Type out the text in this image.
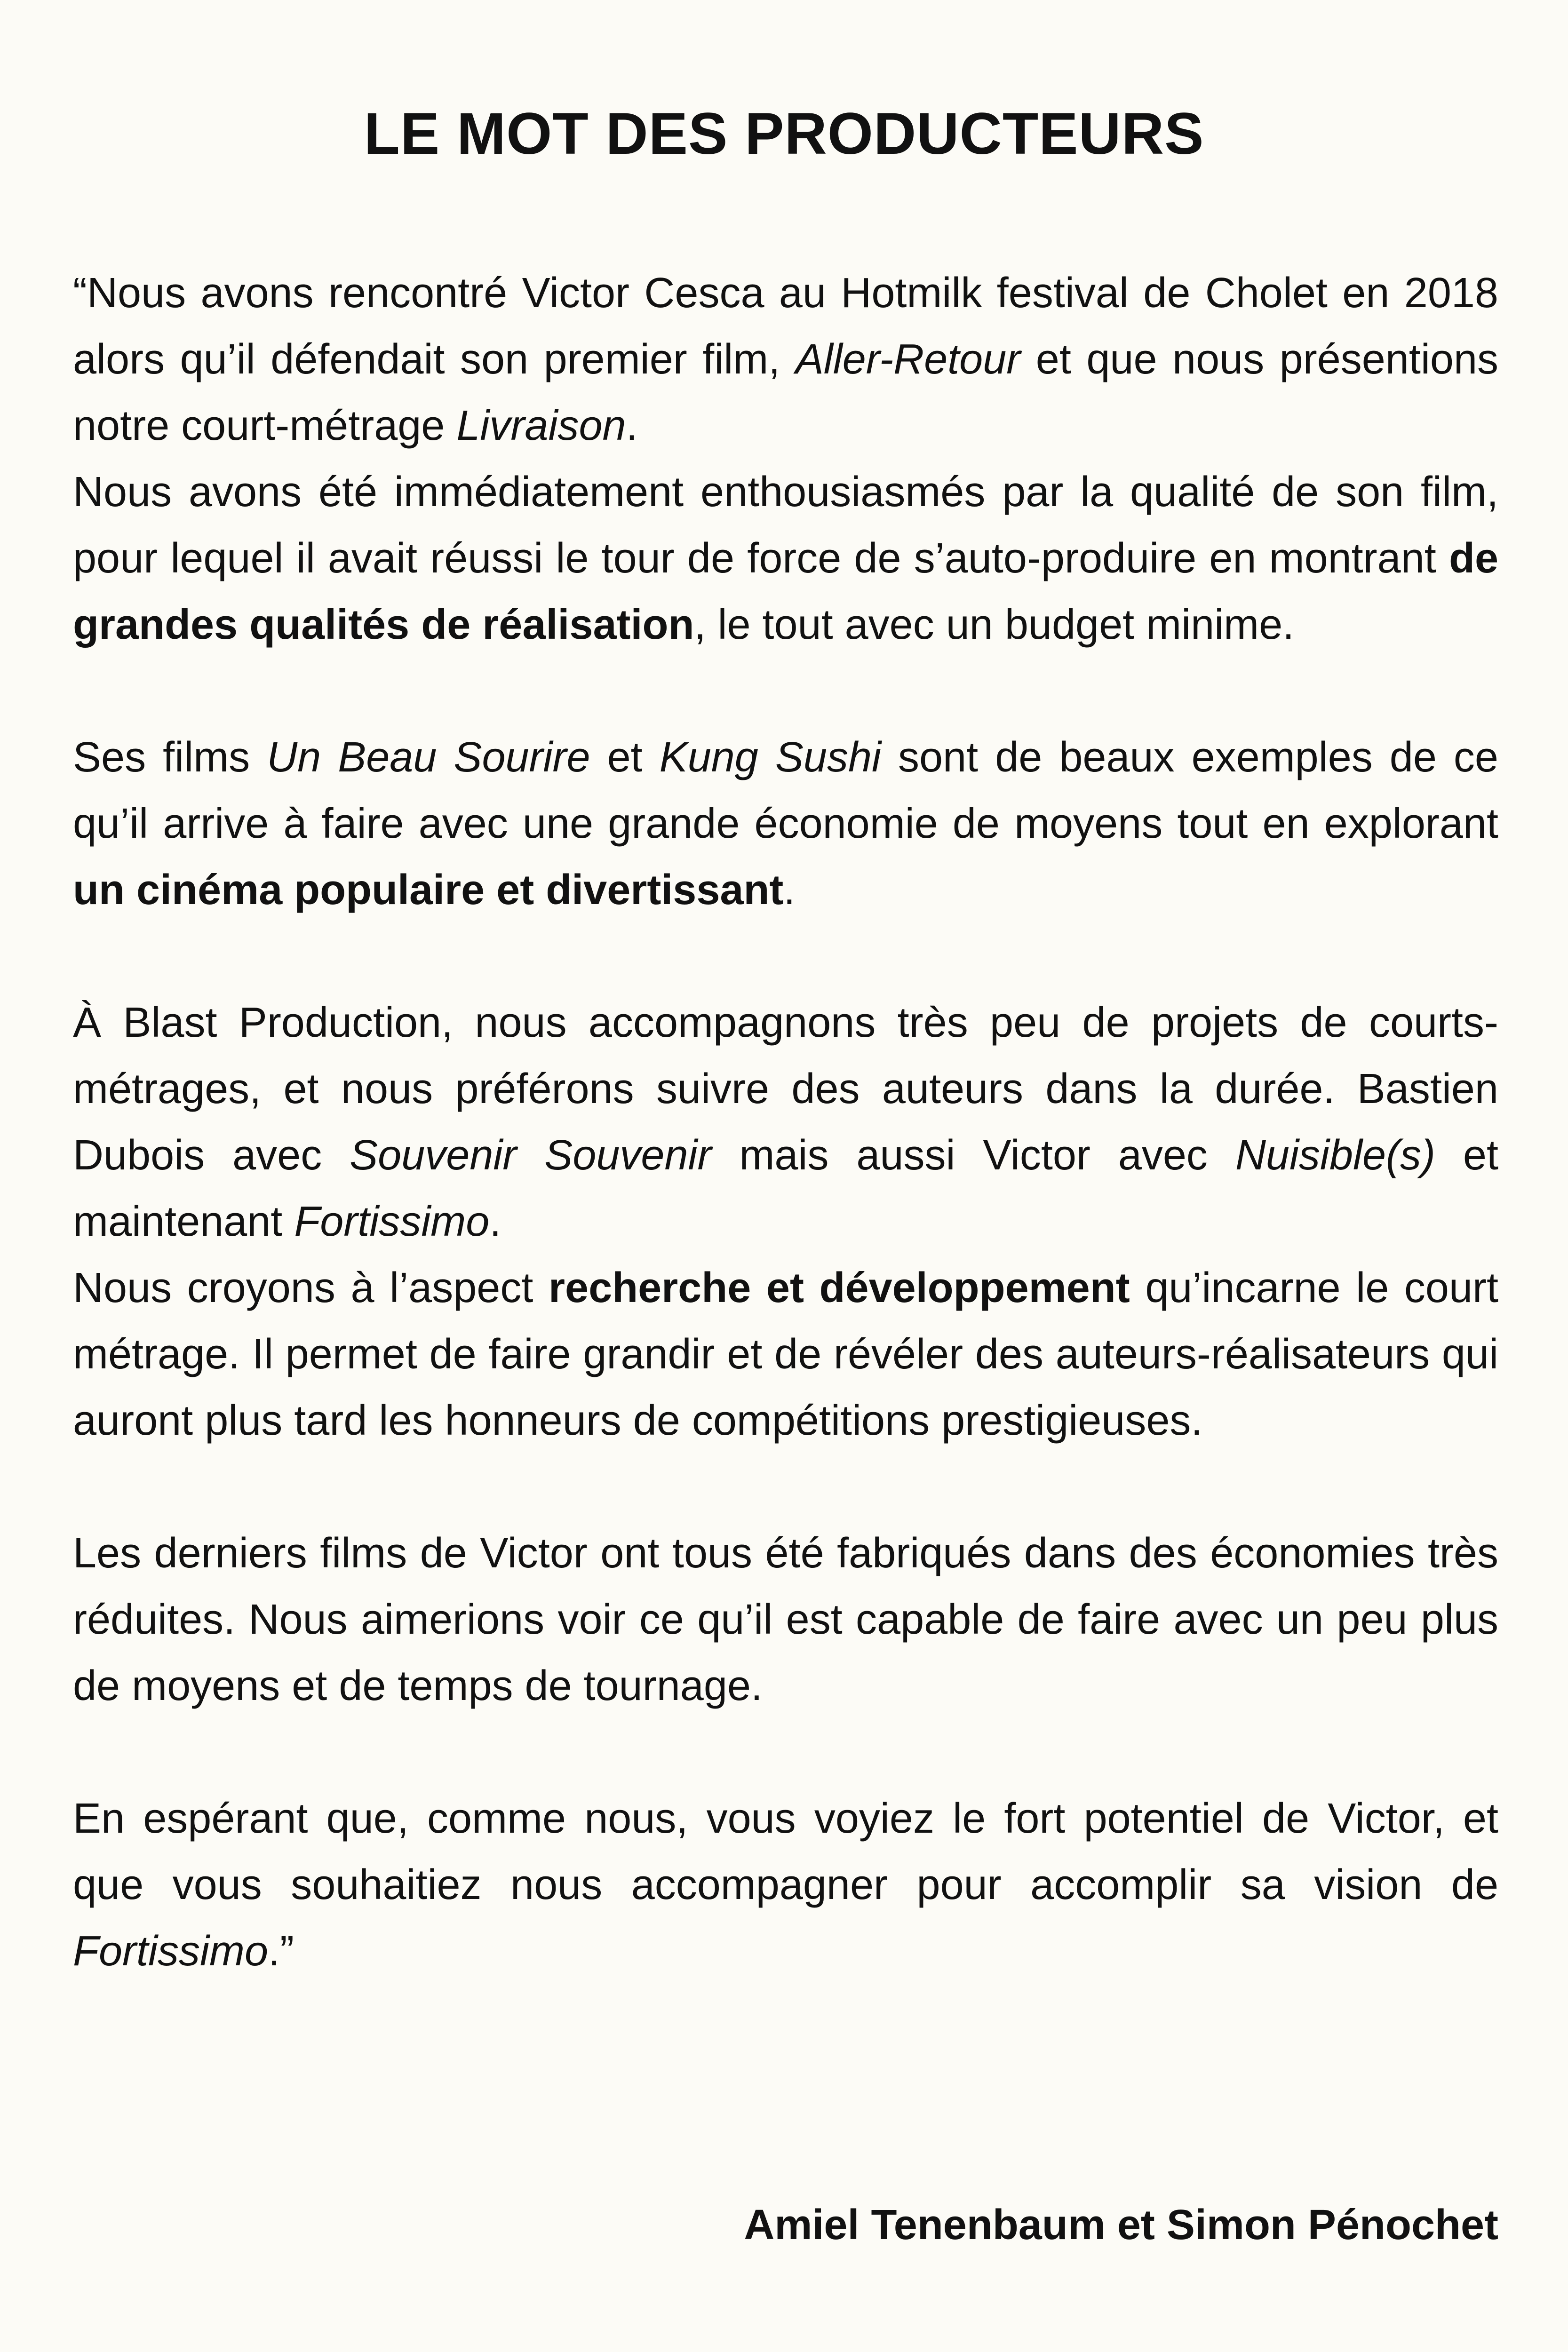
LE MOT DES PRODUCTEURS

“Nous avons rencontré Victor Cesca au Hotmilk festival de Cholet en 2018 alors qu’il défendait son premier film, Aller-Retour et que nous présentions notre court-métrage Livraison.

Nous avons été immédiatement enthousiasmés par la qualité de son film, pour lequel il avait réussi le tour de force de s’auto-produire en montrant de grandes qualités de réalisation, le tout avec un budget minime.

Ses films Un Beau Sourire et Kung Sushi sont de beaux exemples de ce qu’il arrive à faire avec une grande économie de moyens tout en explorant un cinéma populaire et divertissant.

À Blast Production, nous accompagnons très peu de projets de courts-métrages, et nous préférons suivre des auteurs dans la durée. Bastien Dubois avec Souvenir Souvenir mais aussi Victor avec Nuisible(s) et maintenant Fortissimo.

Nous croyons à l’aspect recherche et développement qu’incarne le court métrage. Il permet de faire grandir et de révéler des auteurs-réalisateurs qui auront plus tard les honneurs de compétitions prestigieuses.

Les derniers films de Victor ont tous été fabriqués dans des économies très réduites. Nous aimerions voir ce qu’il est capable de faire avec un peu plus de moyens et de temps de tournage.

En espérant que, comme nous, vous voyiez le fort potentiel de Victor, et que vous souhaitiez nous accompagner pour accomplir sa vision de Fortissimo.”

Amiel Tenenbaum et Simon Pénochet
